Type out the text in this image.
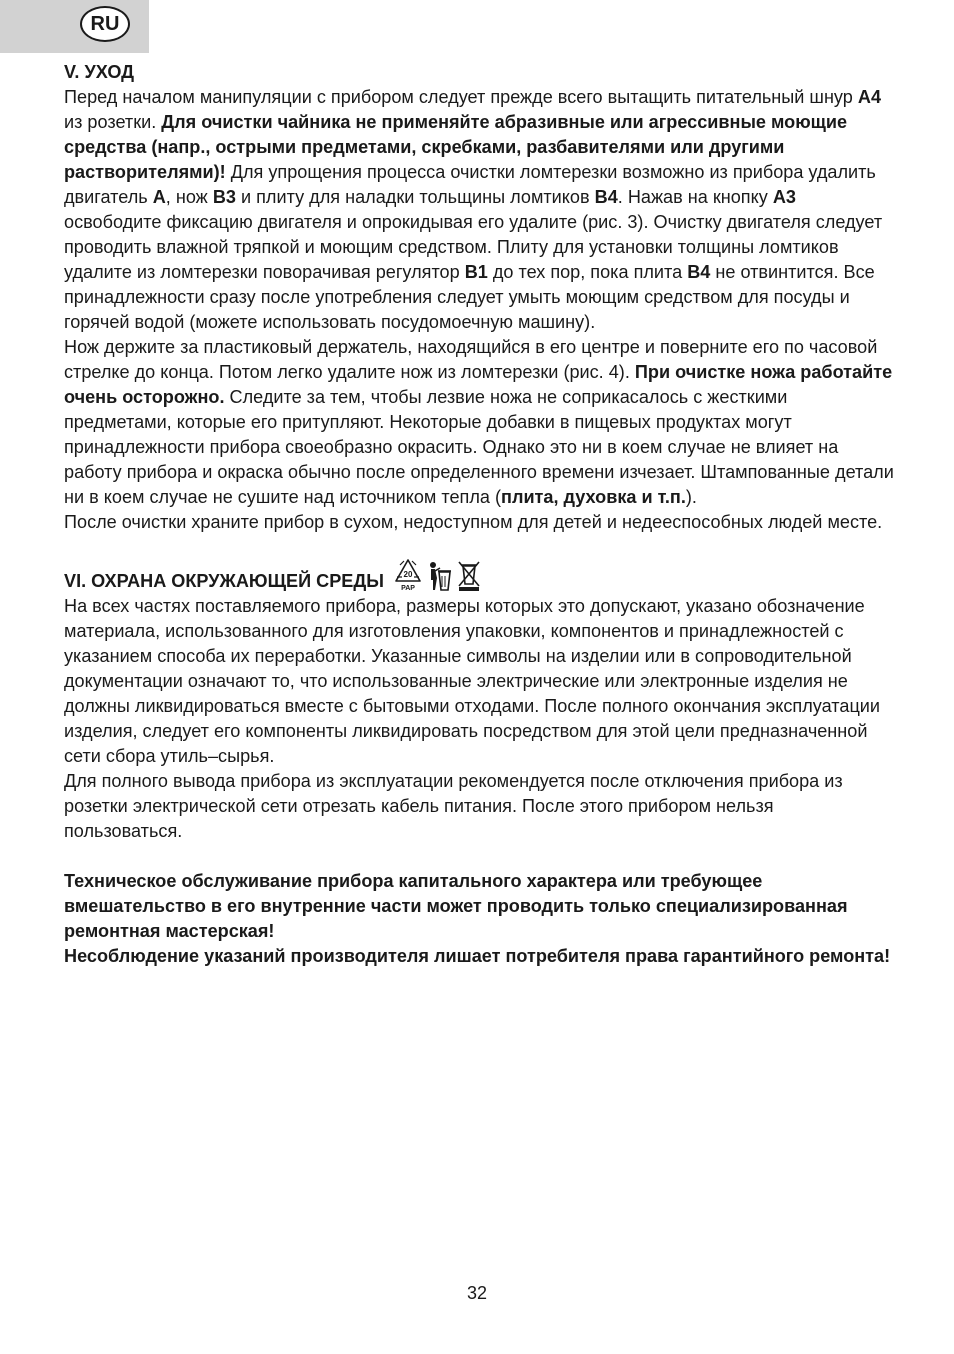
RU
V. УХОД

Перед началом манипуляции с прибором следует прежде всего вытащить питательный шнур A4 из розетки. Для очистки чайника не применяйте абразивные или агрессивные моющие средства (напр., острыми предметами, скребками, разбавителями или другими растворителями)! Для упрощения процесса очистки ломтерезки возможно из прибора удалить двигатель A, нож B3 и плиту для наладки тольщины ломтиков B4. Нажав на кнопку A3 освободите фиксацию двигателя и опрокидывая его удалите (рис. 3). Очистку двигателя следует проводить влажной тряпкой и моющим средством. Плиту для установки толщины ломтиков удалите из ломтерезки поворачивая регулятор B1 до тех пор, пока плита B4 не отвинтится. Все принадлежности сразу после употребления следует умыть моющим средством для посуды и горячей водой (можете использовать посудомоечную машину).

Нож держите за пластиковый держатель, находящийся в его центре и поверните его по часовой стрелке до конца. Потом легко удалите нож из ломтерезки (рис. 4). При очистке ножа работайте очень осторожно. Следите за тем, чтобы лезвие ножа не соприкасалось с жесткими предметами, которые его притупляют. Некоторые добавки в пищевых продуктах могут принадлежности прибора своеобразно окрасить. Однако это ни в коем случае не влияет на работу прибора и окраска обычно после определенного времени изчезает. Штампованные детали ни в коем случае не сушите над источником тепла (плита, духовка и т.п.).

После очистки храните прибор в сухом, недоступном для детей и недееспособных людей месте.

VI. ОХРАНА ОКРУЖАЮЩЕЙ СРЕДЫ 20
PAP

На всех частях поставляемого прибора, размеры которых это допускают, указано обозначение материала, использованного для изготовления упаковки, компонентов и принадлежностей с указанием способа их переработки. Указанные символы на изделии или в сопроводительной документации означают то, что использованные электрические или электронные изделия не должны ликвидироваться вместе с бытовыми отходами. После полного окончания эксплуатации изделия, следует его компоненты ликвидировать посредством для этой цели предназначенной сети сбора утиль–сырья.

Для полного вывода прибора из эксплуатации рекомендуется после отключения прибора из розетки электрической сети отрезать кабель питания. После этого прибором нельзя пользоваться.

Техническое обслуживание прибора капитального характера или требующее вмешательство в его внутренние части может проводить только специализированная ремонтная мастерская!

Несоблюдение указаний производителя лишает потребителя права гарантийного ремонта!

32
